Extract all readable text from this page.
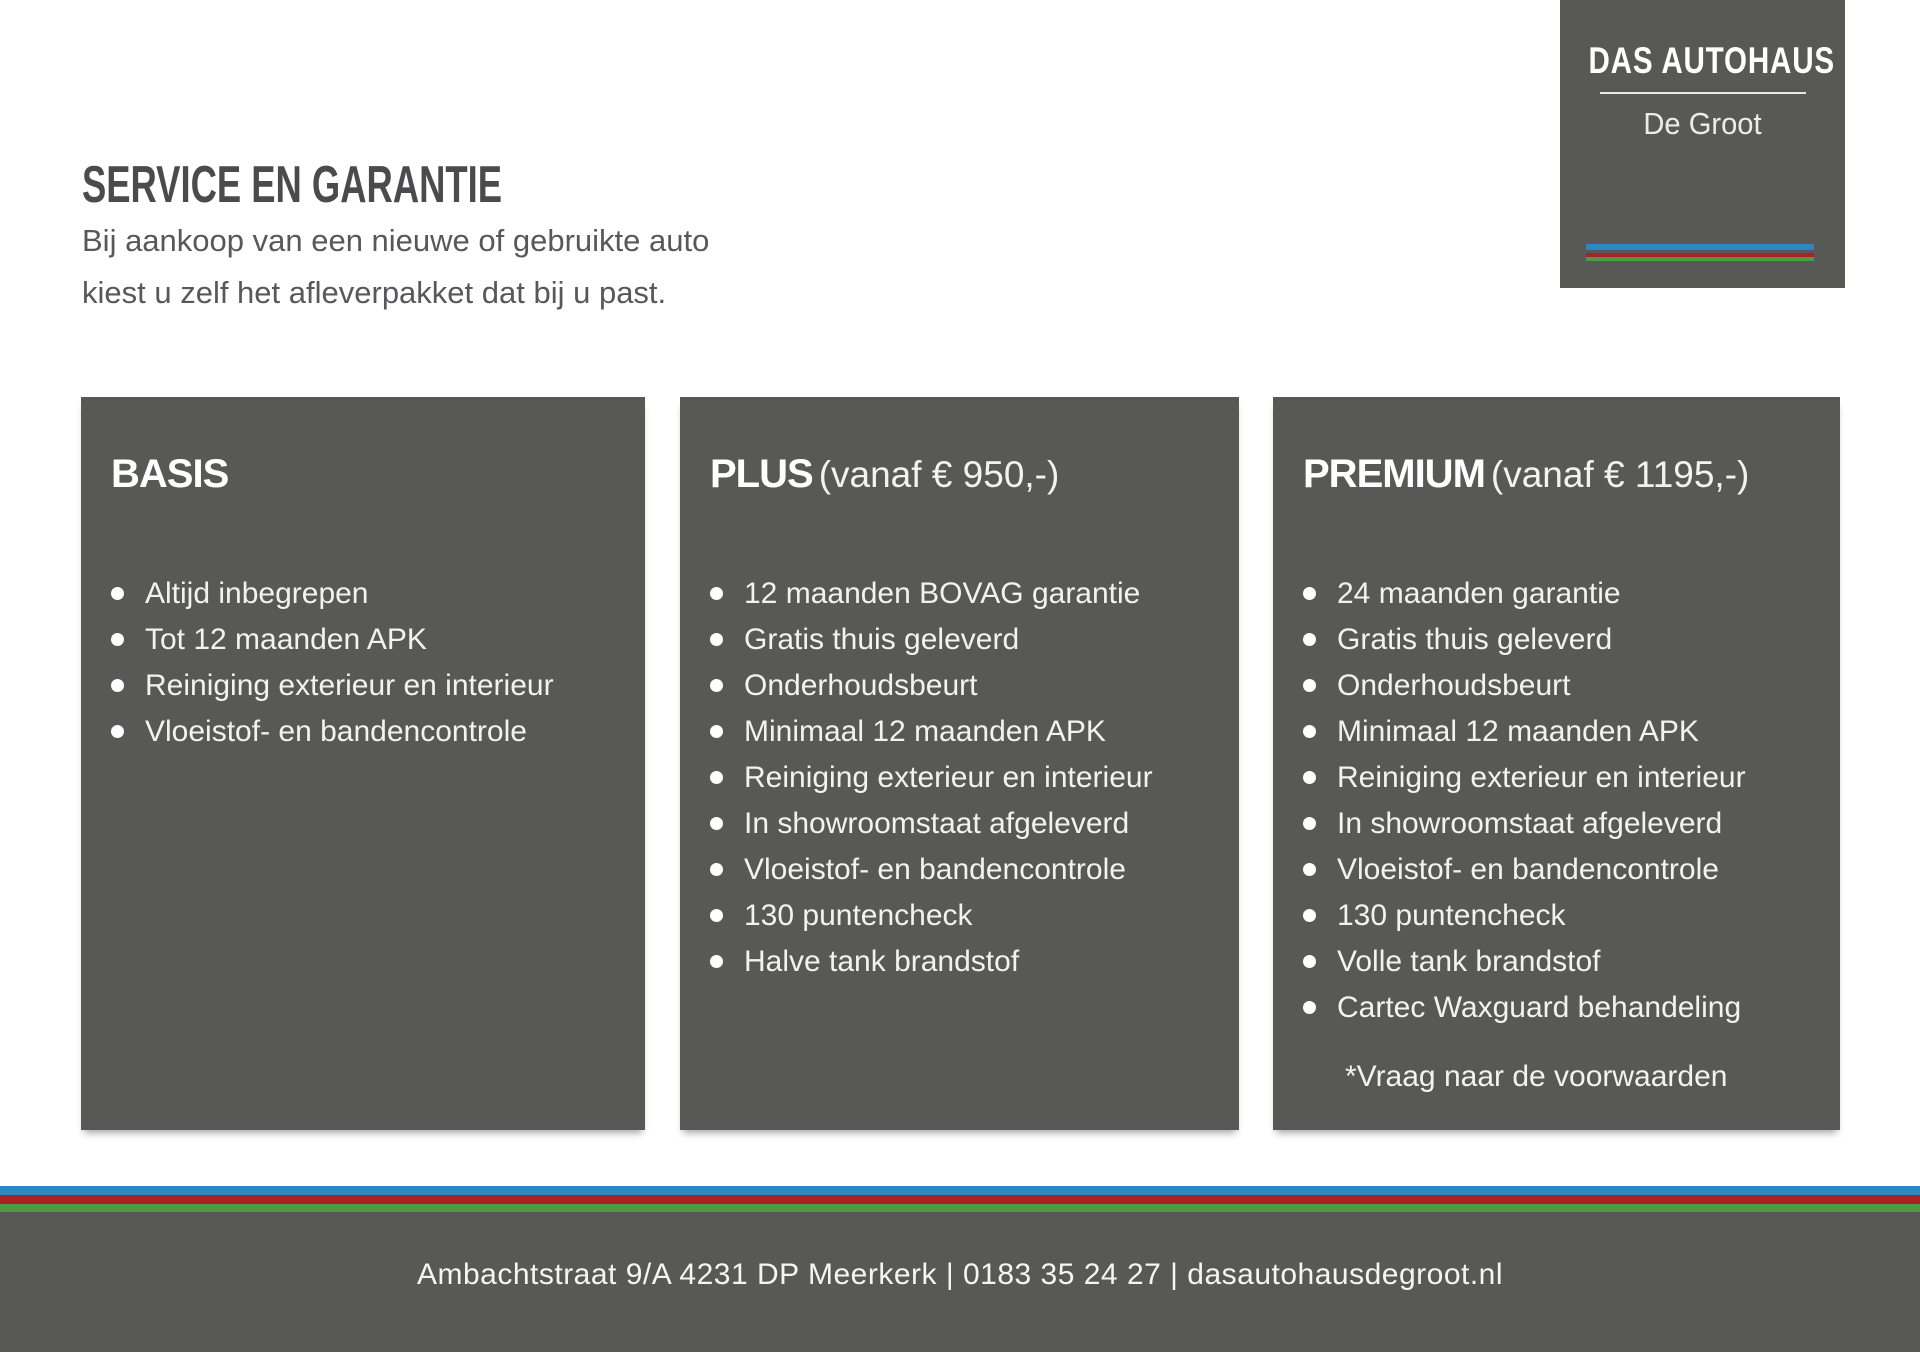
DAS AUTOHAUS
De Groot
SERVICE EN GARANTIE

Bij aankoop van een nieuwe of gebruikte auto

kiest u zelf het afleverpakket dat bij u past.

BASIS
Altijd inbegrepen
Tot 12 maanden APK
Reiniging exterieur en interieur
Vloeistof- en bandencontrole
PLUS (vanaf € 950,-)
12 maanden BOVAG garantie
Gratis thuis geleverd
Onderhoudsbeurt
Minimaal 12 maanden APK
Reiniging exterieur en interieur
In showroomstaat afgeleverd
Vloeistof- en bandencontrole
130 puntencheck
Halve tank brandstof
PREMIUM (vanaf € 1195,-)
24 maanden garantie
Gratis thuis geleverd
Onderhoudsbeurt
Minimaal 12 maanden APK
Reiniging exterieur en interieur
In showroomstaat afgeleverd
Vloeistof- en bandencontrole
130 puntencheck
Volle tank brandstof
Cartec Waxguard behandeling

*Vraag naar de voorwaarden

Ambachtstraat 9/A 4231 DP Meerkerk | 0183 35 24 27 | dasautohausdegroot.nl
